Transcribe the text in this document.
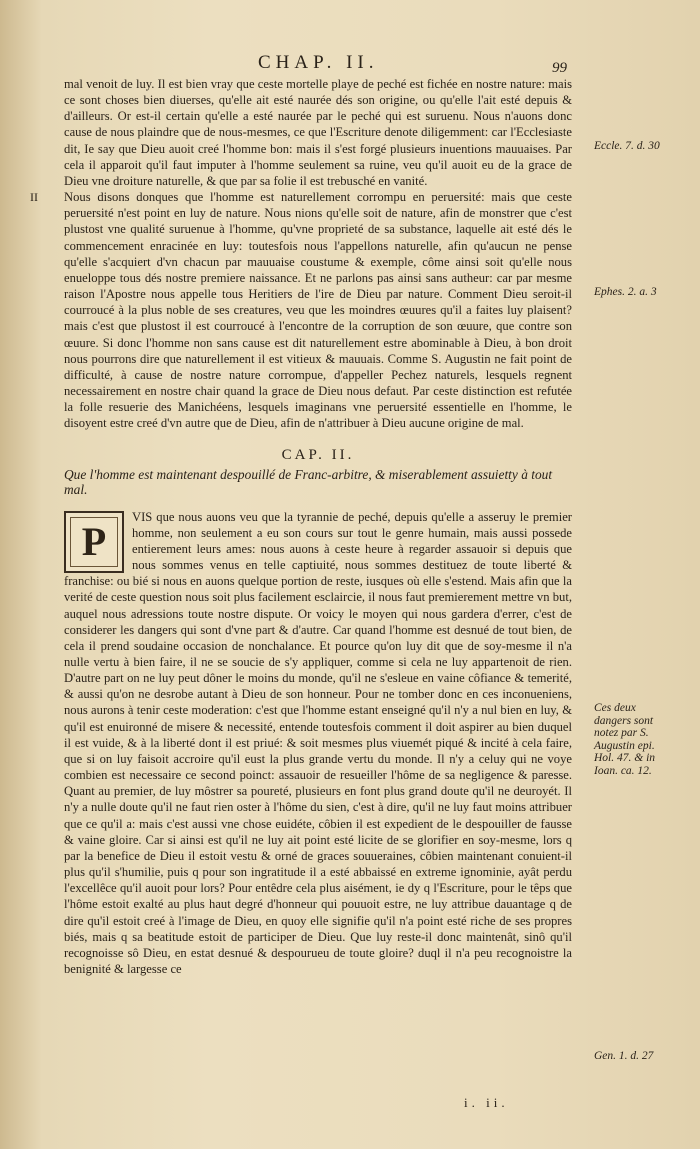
CHAP. II.	99

mal venoit de luy. Il est bien vray que ceste mortelle playe de peché est fichée en nostre nature: mais ce sont choses bien diuerses, qu'elle ait esté naurée dés son origine, ou qu'elle l'ait esté depuis & d'ailleurs. Or est-il certain qu'elle a esté naurée par le peché qui est suruenu. Nous n'auons donc cause de nous plaindre que de nous-mesmes, ce que l'Escriture denote diligemment: car l'Ecclesiaste dit, Ie say que Dieu auoit creé l'homme bon: mais il s'est forgé plusieurs inuentions mauuaises. Par cela il apparoit qu'il faut imputer à l'homme seulement sa ruine, veu qu'il auoit eu de la grace de Dieu vne droiture naturelle, & que par sa folie il est trebusché en vanité.

II Nous disons donques que l'homme est naturellement corrompu en peruersité: mais que ceste peruersité n'est point en luy de nature. Nous nions qu'elle soit de nature, afin de monstrer que c'est plustost vne qualité suruenue à l'homme, qu'vne proprieté de sa substance, laquelle ait esté dés le commencement enracinée en luy: toutesfois nous l'appellons naturelle, afin qu'aucun ne pense qu'elle s'acquiert d'vn chacun par mauuaise coustume & exemple, côme ainsi soit qu'elle nous enueloppe tous dés nostre premiere naissance. Et ne parlons pas ainsi sans autheur: car par mesme raison l'Apostre nous appelle tous Heritiers de l'ire de Dieu par nature. Comment Dieu seroit-il courroucé à la plus noble de ses creatures, veu que les moindres œuures qu'il a faites luy plaisent? mais c'est que plustost il est courroucé à l'encontre de la corruption de son œuure, que contre son œuure. Si donc l'homme non sans cause est dit naturellement estre abominable à Dieu, à bon droit nous pourrons dire que naturellement il est vitieux & mauuais. Comme S. Augustin ne fait point de difficulté, à cause de nostre nature corrompue, d'appeller Pechez naturels, lesquels regnent necessairement en nostre chair quand la grace de Dieu nous defaut. Par ceste distinction est refutée la folle resuerie des Manichéens, lesquels imaginans vne peruersité essentielle en l'homme, le disoyent estre creé d'vn autre que de Dieu, afin de n'attribuer à Dieu aucune origine de mal.

CAP. II.
Que l'homme est maintenant despouillé de Franc-arbitre, & miserablement assuietty à tout mal.
P

VIS que nous auons veu que la tyrannie de peché, depuis qu'elle a asseruy le premier homme, non seulement a eu son cours sur tout le genre humain, mais aussi possede entierement leurs ames: nous auons à ceste heure à regarder assauoir si depuis que nous sommes venus en telle captiuité, nous sommes destituez de toute liberté & franchise: ou bié si nous en auons quelque portion de reste, iusques où elle s'estend. Mais afin que la verité de ceste question nous soit plus facilement esclaircie, il nous faut premierement mettre vn but, auquel nous adressions toute nostre dispute. Or voicy le moyen qui nous gardera d'errer, c'est de considerer les dangers qui sont d'vne part & d'autre. Car quand l'homme est desnué de tout bien, de cela il prend soudaine occasion de nonchalance. Et pource qu'on luy dit que de soy-mesme il n'a nulle vertu à bien faire, il ne se soucie de s'y appliquer, comme si cela ne luy appartenoit de rien. D'autre part on ne luy peut dôner le moins du monde, qu'il ne s'esleue en vaine côfiance & temerité, & aussi qu'on ne desrobe autant à Dieu de son honneur. Pour ne tomber donc en ces inconueniens, nous aurons à tenir ceste moderation: c'est que l'homme estant enseigné qu'il n'y a nul bien en luy, & qu'il est enuironné de misere & necessité, entende toutesfois comment il doit aspirer au bien duquel il est vuide, & à la liberté dont il est priué: & soit mesmes plus viuemét piqué & incité à cela faire, que si on luy faisoit accroire qu'il eust la plus grande vertu du monde. Il n'y a celuy qui ne voye combien est necessaire ce second poinct: assauoir de resueiller l'hôme de sa negligence & paresse. Quant au premier, de luy môstrer sa poureté, plusieurs en font plus grand doute qu'il ne deuroyét. Il n'y a nulle doute qu'il ne faut rien oster à l'hôme du sien, c'est à dire, qu'il ne luy faut moins attribuer que ce qu'il a: mais c'est aussi vne chose euidéte, côbien il est expedient de le despouiller de fausse & vaine gloire. Car si ainsi est qu'il ne luy ait point esté licite de se glorifier en soy-mesme, lors q par la benefice de Dieu il estoit vestu & orné de graces souueraines, côbien maintenant conuient-il plus qu'il s'humilie, puis q pour son ingratitude il a esté abbaissé en extreme ignominie, ayât perdu l'excellêce qu'il auoit pour lors? Pour entêdre cela plus aisément, ie dy q l'Escriture, pour le têps que l'hôme estoit exalté au plus haut degré d'honneur qui pouuoit estre, ne luy attribue dauantage q de dire qu'il estoit creé à l'image de Dieu, en quoy elle signifie qu'il n'a point esté riche de ses propres biés, mais q sa beatitude estoit de participer de Dieu. Que luy reste-il donc maintenât, sinô qu'il recognoisse sô Dieu, en estat desnué & despourueu de toute gloire? duql il n'a peu recognoistre la benignité & largesse ce

Eccle. 7. d. 30
Ephes. 2. a. 3
Ces deux dangers sont notez par S. Augustin epi. Hol. 47. & in Ioan. ca. 12.
Gen. 1. d. 27
i. ii.
